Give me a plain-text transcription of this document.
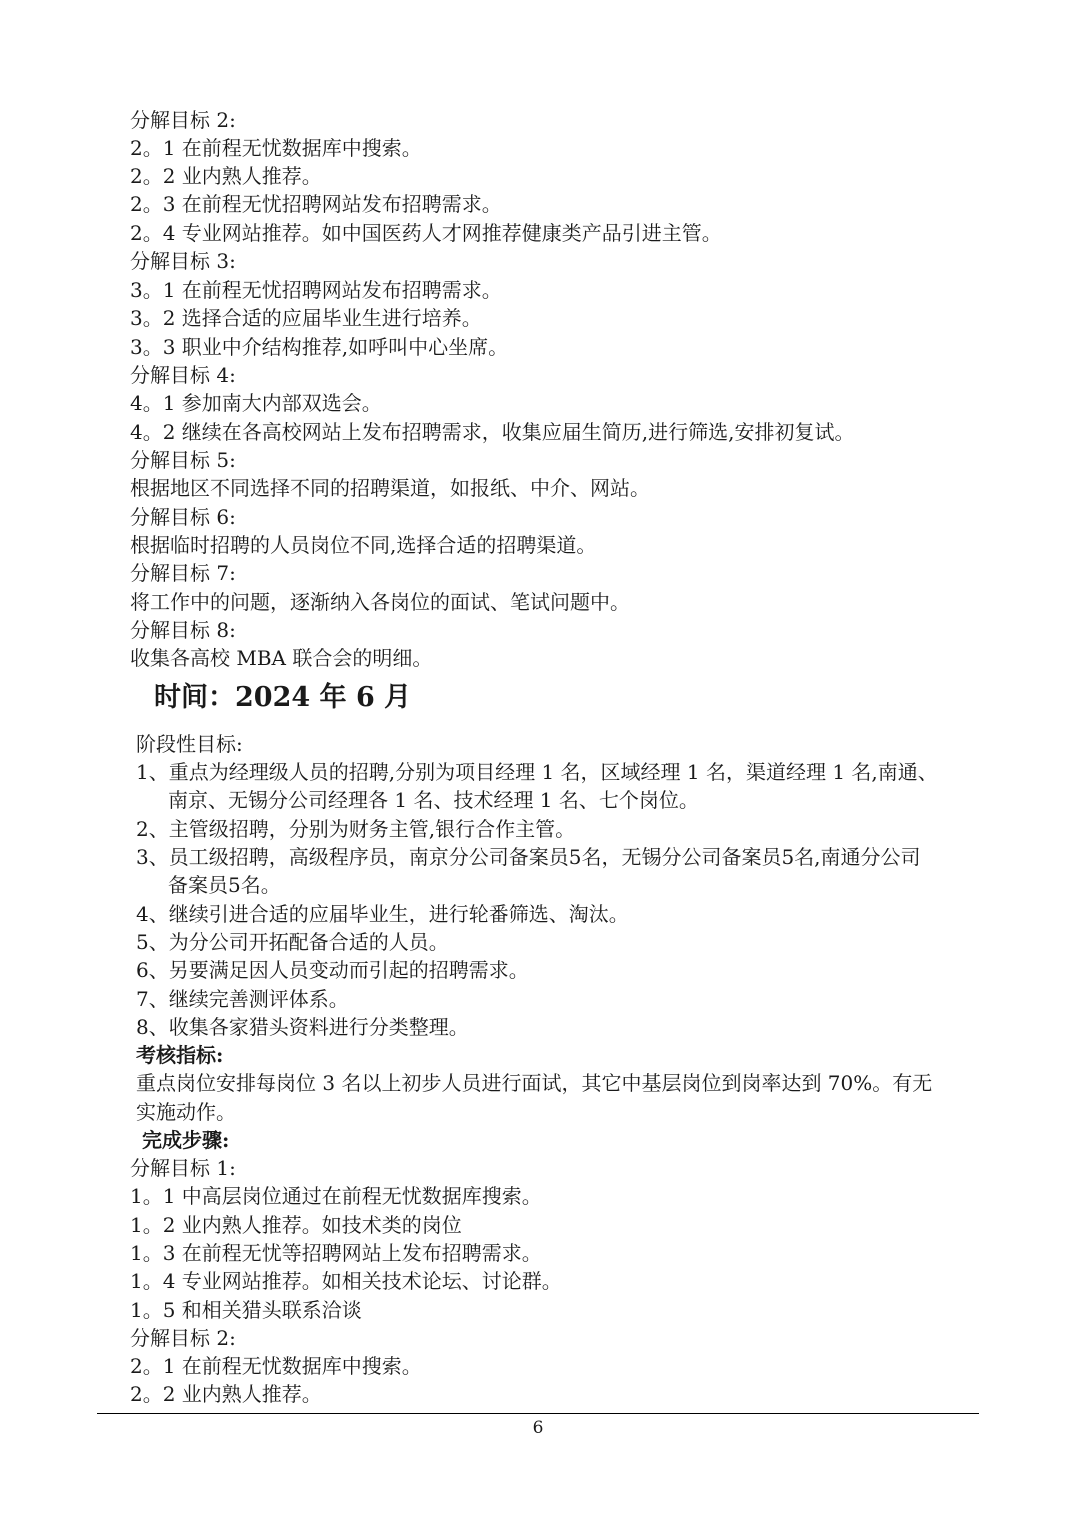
分解目标 2:
2。1 在前程无忧数据库中搜索。
2。2 业内熟人推荐。
2。3 在前程无忧招聘网站发布招聘需求。
2。4 专业网站推荐。如中国医药人才网推荐健康类产品引进主管。
分解目标 3:
3。1 在前程无忧招聘网站发布招聘需求。
3。2 选择合适的应届毕业生进行培养。
3。3 职业中介结构推荐,如呼叫中心坐席。
分解目标 4:
4。1 参加南大内部双选会。
4。2 继续在各高校网站上发布招聘需求，收集应届生简历,进行筛选,安排初复试。
分解目标 5:
根据地区不同选择不同的招聘渠道，如报纸、中介、网站。
分解目标 6:
根据临时招聘的人员岗位不同,选择合适的招聘渠道。
分解目标 7:
将工作中的问题，逐渐纳入各岗位的面试、笔试问题中。
分解目标 8:
收集各高校 MBA 联合会的明细。
时间：2024 年 6 月
阶段性目标:
1、重点为经理级人员的招聘,分别为项目经理 1 名，区域经理 1 名，渠道经理 1 名,南通、
南京、无锡分公司经理各 1 名、技术经理 1 名、七个岗位。
2、主管级招聘，分别为财务主管,银行合作主管。
3、员工级招聘，高级程序员，南京分公司备案员5名，无锡分公司备案员5名,南通分公司
备案员5名。
4、继续引进合适的应届毕业生，进行轮番筛选、淘汰。
5、为分公司开拓配备合适的人员。
6、另要满足因人员变动而引起的招聘需求。
7、继续完善测评体系。
8、收集各家猎头资料进行分类整理。
考核指标:
重点岗位安排每岗位 3 名以上初步人员进行面试，其它中基层岗位到岗率达到 70%。有无
实施动作。
完成步骤:
分解目标 1:
1。1 中高层岗位通过在前程无忧数据库搜索。
1。2 业内熟人推荐。如技术类的岗位
1。3 在前程无忧等招聘网站上发布招聘需求。
1。4 专业网站推荐。如相关技术论坛、讨论群。
1。5 和相关猎头联系洽谈
分解目标 2:
2。1 在前程无忧数据库中搜索。
2。2 业内熟人推荐。
6
